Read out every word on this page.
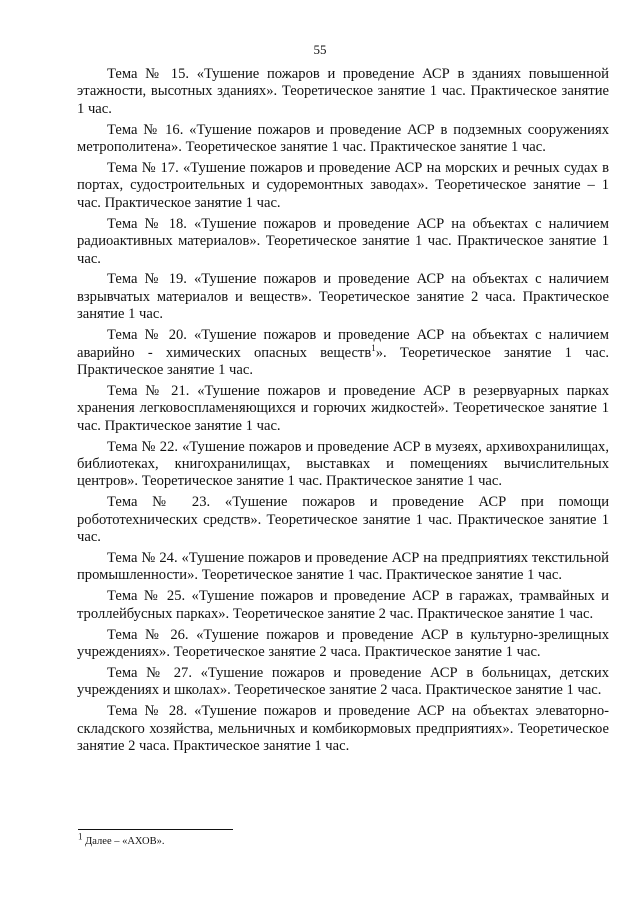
55

Тема № 15. «Тушение пожаров и проведение АСР в зданиях повышенной этажности, высотных зданиях». Теоретическое занятие 1 час. Практическое занятие 1 час.

Тема № 16. «Тушение пожаров и проведение АСР в подземных сооружениях метрополитена». Теоретическое занятие 1 час. Практическое занятие 1 час.

Тема № 17. «Тушение пожаров и проведение АСР на морских и речных судах в портах, судостроительных и судоремонтных заводах». Теоретическое занятие – 1 час. Практическое занятие 1 час.

Тема № 18. «Тушение пожаров и проведение АСР на объектах с наличием радиоактивных материалов». Теоретическое занятие 1 час. Практическое занятие 1 час.

Тема № 19. «Тушение пожаров и проведение АСР на объектах с наличием взрывчатых материалов и веществ». Теоретическое занятие 2 часа. Практическое занятие 1 час.

Тема № 20. «Тушение пожаров и проведение АСР на объектах с наличием аварийно - химических опасных веществ$^1$». Теоретическое занятие 1 час. Практическое занятие 1 час.

Тема № 21. «Тушение пожаров и проведение АСР в резервуарных парках хранения легковоспламеняющихся и горючих жидкостей». Теоретическое занятие 1 час. Практическое занятие 1 час.

Тема № 22. «Тушение пожаров и проведение АСР в музеях, архивохранилищах, библиотеках, книгохранилищах, выставках и помещениях вычислительных центров». Теоретическое занятие 1 час. Практическое занятие 1 час.

Тема № 23. «Тушение пожаров и проведение АСР при помощи робототехнических средств». Теоретическое занятие 1 час. Практическое занятие 1 час.

Тема № 24. «Тушение пожаров и проведение АСР на предприятиях текстильной промышленности». Теоретическое занятие 1 час. Практическое занятие 1 час.

Тема № 25. «Тушение пожаров и проведение АСР в гаражах, трамвайных и троллейбусных парках». Теоретическое занятие 2 час. Практическое занятие 1 час.

Тема № 26. «Тушение пожаров и проведение АСР в культурно-зрелищных учреждениях». Теоретическое занятие 2 часа. Практическое занятие 1 час.

Тема № 27. «Тушение пожаров и проведение АСР в больницах, детских учреждениях и школах». Теоретическое занятие 2 часа. Практическое занятие 1 час.

Тема № 28. «Тушение пожаров и проведение АСР на объектах элеваторно-складского хозяйства, мельничных и комбикормовых предприятиях». Теоретическое занятие 2 часа. Практическое занятие 1 час.

$^1$ Далее – «АХОВ».
